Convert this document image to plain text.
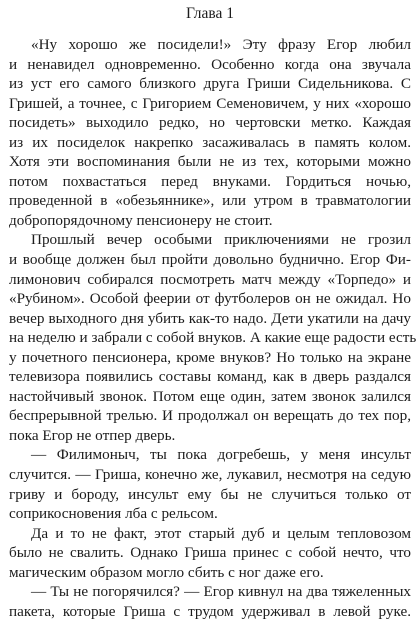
Глава 1
«Ну хорошо же посидели!» Эту фразу Егор любил
и ненавидел одновременно. Особенно когда она звучала
из уст его самого близкого друга Гриши Сидельникова. С
Гришей, а точнее, с Григорием Семеновичем, у них «хорошо
посидеть» выходило редко, но чертовски метко. Каждая
из их посиделок накрепко засаживалась в память колом.
Хотя эти воспоминания были не из тех, которыми можно
потом похвастаться перед внуками. Гордиться ночью,
проведенной в «обезьяннике», или утром в травматологии
добропорядочному пенсионеру не стоит.
Прошлый вечер особыми приключениями не грозил
и вообще должен был пройти довольно буднично. Егор Фи-
лимонович собирался посмотреть матч между «Торпедо» и
«Рубином». Особой феерии от футболеров он не ожидал. Но
вечер выходного дня убить как-то надо. Дети укатили на дачу
на неделю и забрали с собой внуков. А какие еще радости есть
у почетного пенсионера, кроме внуков? Но только на экране
телевизора появились составы команд, как в дверь раздался
настойчивый звонок. Потом еще один, затем звонок залился
беспрерывной трелью. И продолжал он верещать до тех пор,
пока Егор не отпер дверь.
— Филимоныч, ты пока догребешь, у меня инсульт
случится. — Гриша, конечно же, лукавил, несмотря на седую
гриву и бороду, инсульт ему бы не случиться только от
соприкосновения лба с рельсом.
Да и то не факт, этот старый дуб и целым тепловозом
было не свалить. Однако Гриша принес с собой нечто, что
магическим образом могло сбить с ног даже его.
— Ты не погорячился? — Егор кивнул на два тяжеленных
пакета, которые Гриша с трудом удерживал в левой руке.
